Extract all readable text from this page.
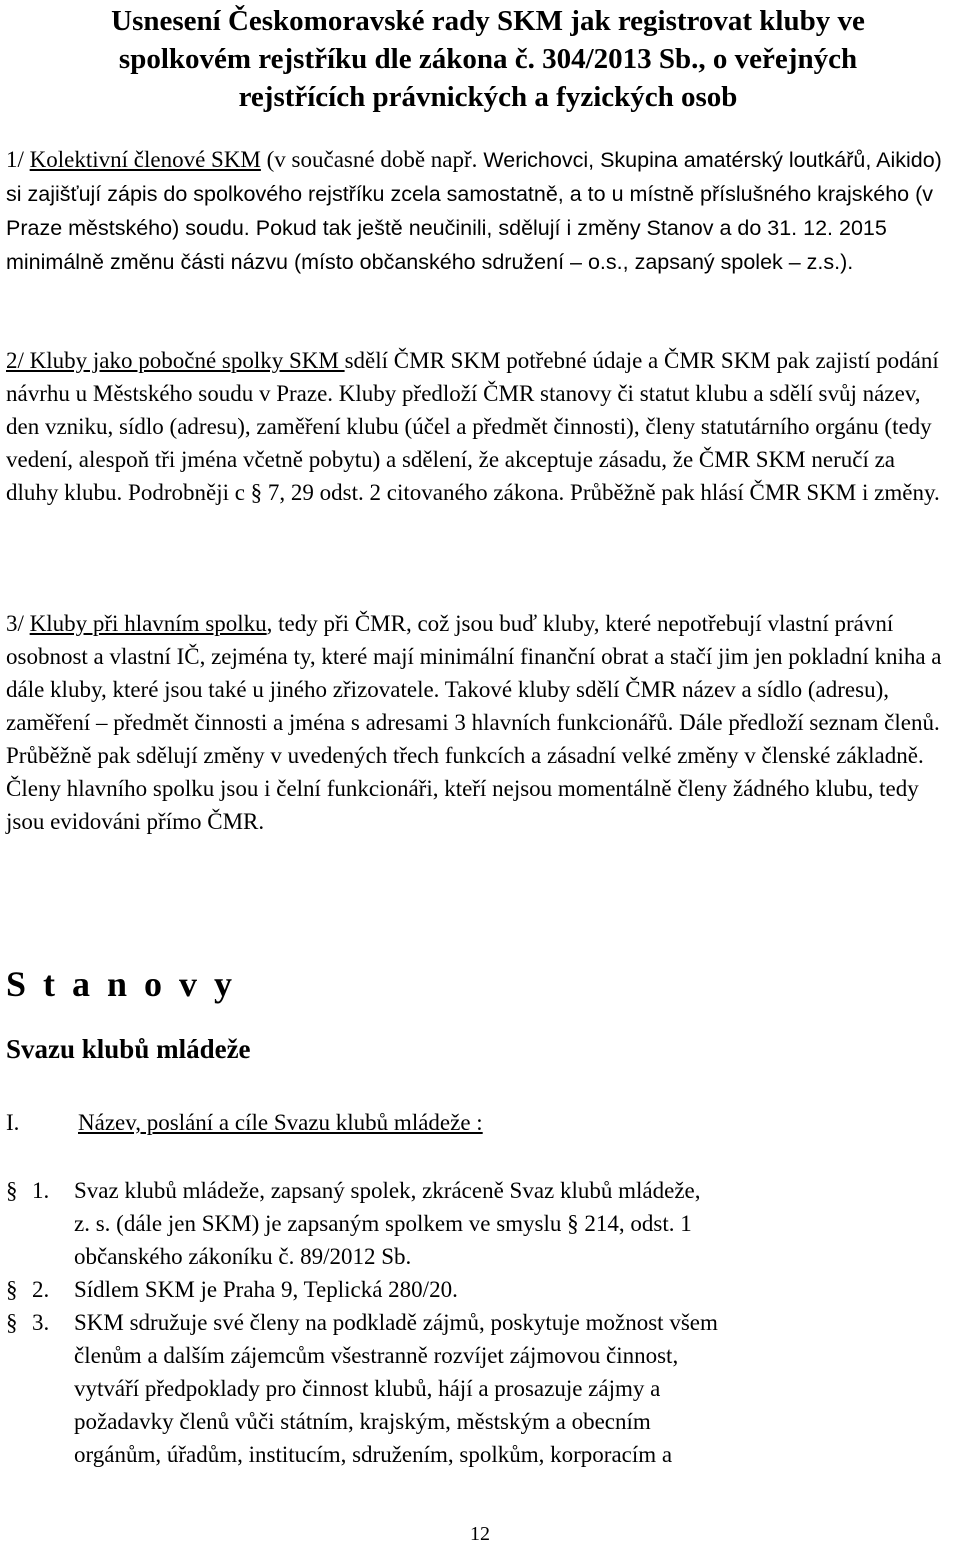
Usnesení Českomoravské rady SKM jak registrovat kluby ve
spolkovém rejstříku dle zákona č. 304/2013 Sb., o veřejných
rejstřících právnických a fyzických osob

1/ Kolektivní členové SKM (v současné době např. Werichovci, Skupina amatérský loutkářů, Aikido) si zajišťují zápis do spolkového rejstříku zcela samostatně, a to u místně příslušného krajského (v Praze městského) soudu. Pokud tak ještě neučinili, sdělují i změny Stanov a do 31. 12. 2015 minimálně změnu části názvu (místo občanského sdružení – o.s., zapsaný spolek – z.s.).

2/ Kluby jako pobočné spolky SKM sdělí ČMR SKM potřebné údaje a ČMR SKM pak zajistí podání návrhu u Městského soudu v Praze. Kluby předloží ČMR stanovy či statut klubu a sdělí svůj název, den vzniku, sídlo (adresu), zaměření klubu (účel a předmět činnosti), členy statutárního orgánu (tedy vedení, alespoň tři jména včetně pobytu) a sdělení, že akceptuje zásadu, že ČMR SKM neručí za dluhy klubu. Podrobněji c § 7, 29 odst. 2 citovaného zákona. Průběžně pak hlásí ČMR SKM i změny.

3/ Kluby při hlavním spolku, tedy při ČMR, což jsou buď kluby, které nepotřebují vlastní právní osobnost a vlastní IČ, zejména ty, které mají minimální finanční obrat a stačí jim jen pokladní kniha a dále kluby, které jsou také u jiného zřizovatele. Takové kluby sdělí ČMR název a sídlo (adresu), zaměření – předmět činnosti a jména s adresami 3 hlavních funkcionářů. Dále předloží seznam členů. Průběžně pak sdělují změny v uvedených třech funkcích a zásadní velké změny v členské základně. Členy hlavního spolku jsou i čelní funkcionáři, kteří nejsou momentálně členy žádného klubu, tedy jsou evidováni přímo ČMR.

S t a n o v y
Svazu klubů mládeže
I.	Název, poslání a cíle Svazu klubů mládeže :
§ 1.	Svaz klubů mládeže, zapsaný spolek, zkráceně Svaz klubů mládeže,
z. s. (dále jen SKM) je zapsaným spolkem ve smyslu § 214, odst. 1
občanského zákoníku č. 89/2012 Sb.
§ 2.	Sídlem SKM je Praha 9, Teplická 280/20.
§ 3.	SKM sdružuje své členy na podkladě zájmů, poskytuje možnost všem
členům a dalším zájemcům všestranně rozvíjet zájmovou činnost,
vytváří předpoklady pro činnost klubů, hájí a prosazuje zájmy a
požadavky členů vůči státním, krajským, městským a obecním
orgánům, úřadům, institucím, sdružením, spolkům, korporacím a
12
